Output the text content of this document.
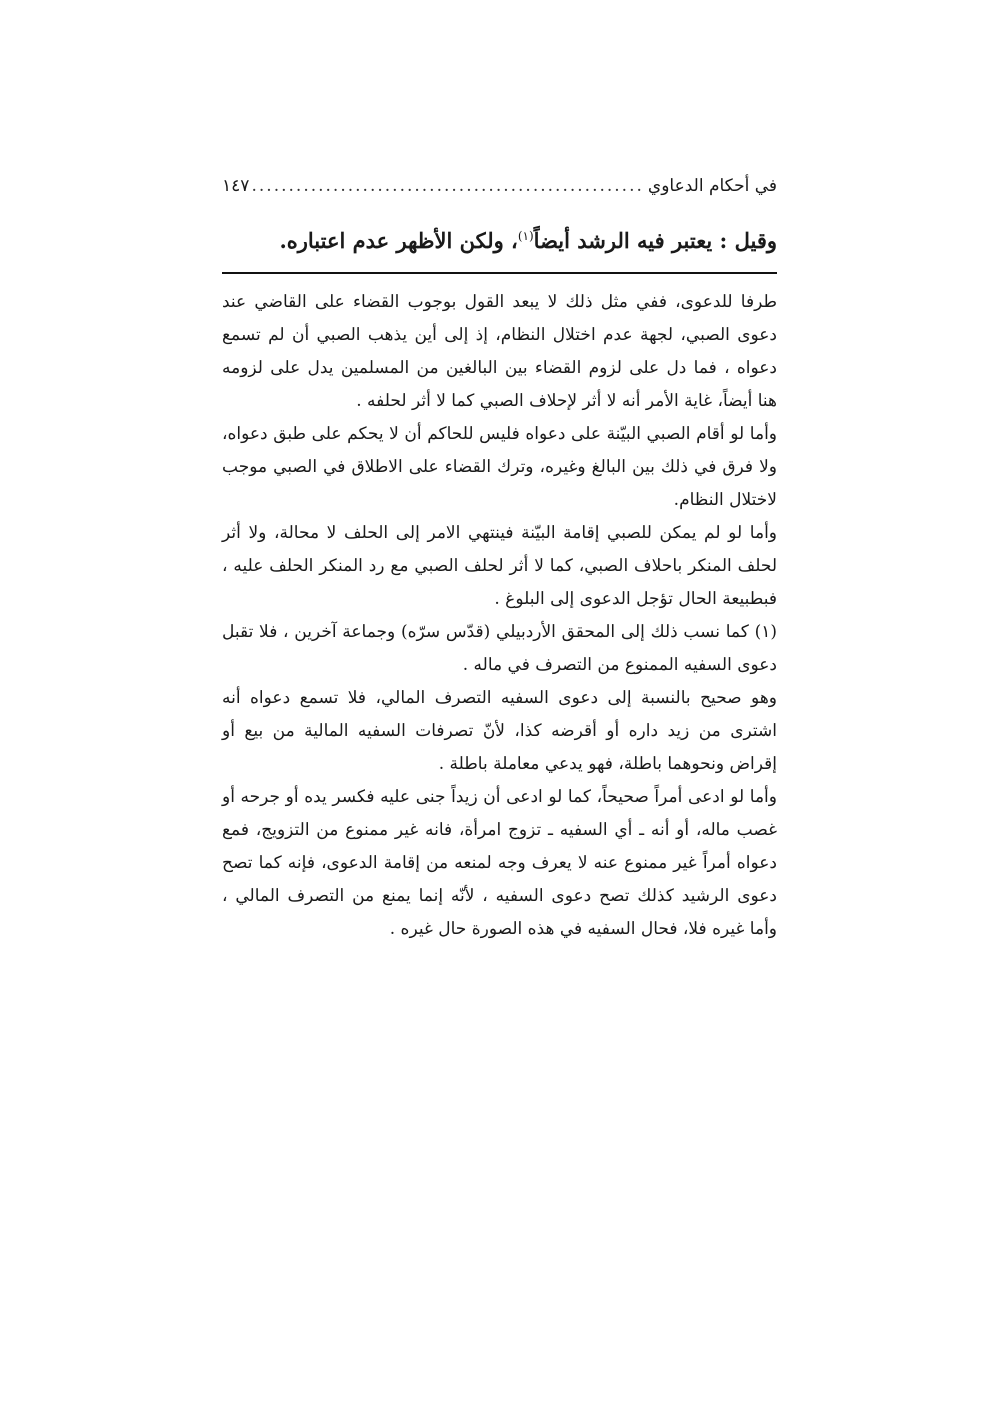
في أحكام الدعاوي
.....
١٤٧
وقيل : يعتبر فيه الرشد أيضاً$^{(١)}$، ولكن الأظهر عدم اعتباره.

طرفا للدعوى، ففي مثل ذلك لا يبعد القول بوجوب القضاء على القاضي عند دعوى الصبي، لجهة عدم اختلال النظام، إذ إلى أين يذهب الصبي أن لم تسمع دعواه ، فما دل على لزوم القضاء بين البالغين من المسلمين يدل على لزومه هنا أيضاً، غاية الأمر أنه لا أثر لإحلاف الصبي كما لا أثر لحلفه .

وأما لو أقام الصبي البيّنة على دعواه فليس للحاكم أن لا يحكم على طبق دعواه، ولا فرق في ذلك بين البالغ وغيره، وترك القضاء على الاطلاق في الصبي موجب لاختلال النظام.

وأما لو لم يمكن للصبي إقامة البيّنة فينتهي الامر إلى الحلف لا محالة، ولا أثر لحلف المنكر باحلاف الصبي، كما لا أثر لحلف الصبي مع رد المنكر الحلف عليه ، فبطبيعة الحال تؤجل الدعوى إلى البلوغ .

(١) كما نسب ذلك إلى المحقق الأردبيلي (قدّس سرّه) وجماعة آخرين ، فلا تقبل دعوى السفيه الممنوع من التصرف في ماله .

وهو صحيح بالنسبة إلى دعوى السفيه التصرف المالي، فلا تسمع دعواه أنه اشترى من زيد داره أو أقرضه كذا، لأنّ تصرفات السفيه المالية من بيع أو إقراض ونحوهما باطلة، فهو يدعي معاملة باطلة .

وأما لو ادعى أمراً صحيحاً، كما لو ادعى أن زيداً جنى عليه فكسر يده أو جرحه أو غصب ماله، أو أنه ـ أي السفيه ـ تزوج امرأة، فانه غير ممنوع من التزويج، فمع دعواه أمراً غير ممنوع عنه لا يعرف وجه لمنعه من إقامة الدعوى، فإنه كما تصح دعوى الرشيد كذلك تصح دعوى السفيه ، لأنّه إنما يمنع من التصرف المالي ، وأما غيره فلا، فحال السفيه في هذه الصورة حال غيره .
